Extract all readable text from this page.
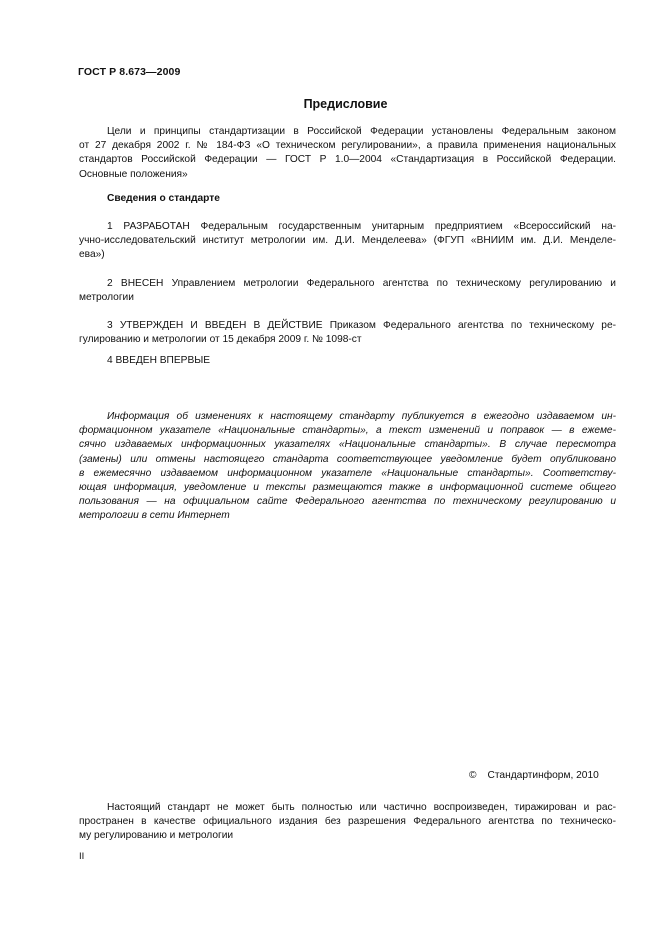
ГОСТ Р 8.673—2009
Предисловие
Цели и принципы стандартизации в Российской Федерации установлены Федеральным законом
от 27 декабря 2002 г. № 184-ФЗ «О техническом регулировании», а правила применения национальных
стандартов Российской Федерации — ГОСТ Р 1.0—2004 «Стандартизация в Российской Федерации.
Основные положения»
Сведения о стандарте
1 РАЗРАБОТАН Федеральным государственным унитарным предприятием «Всероссийский на-
учно-исследовательский институт метрологии им. Д.И. Менделеева» (ФГУП «ВНИИМ им. Д.И. Менделе-
ева»)
2 ВНЕСЕН Управлением метрологии Федерального агентства по техническому регулированию и
метрологии
3 УТВЕРЖДЕН И ВВЕДЕН В ДЕЙСТВИЕ Приказом Федерального агентства по техническому ре-
гулированию и метрологии от 15 декабря 2009 г. № 1098-ст
4 ВВЕДЕН ВПЕРВЫЕ
Информация об изменениях к настоящему стандарту публикуется в ежегодно издаваемом ин-
формационном указателе «Национальные стандарты», а текст изменений и поправок — в ежеме-
сячно издаваемых информационных указателях «Национальные стандарты». В случае пересмотра
(замены) или отмены настоящего стандарта соответствующее уведомление будет опубликовано
в ежемесячно издаваемом информационном указателе «Национальные стандарты». Соответству-
ющая информация, уведомление и тексты размещаются также в информационной системе общего
пользования — на официальном сайте Федерального агентства по техническому регулированию и
метрологии в сети Интернет
© Стандартинформ, 2010
Настоящий стандарт не может быть полностью или частично воспроизведен, тиражирован и рас-
пространен в качестве официального издания без разрешения Федерального агентства по техническо-
му регулированию и метрологии
II
